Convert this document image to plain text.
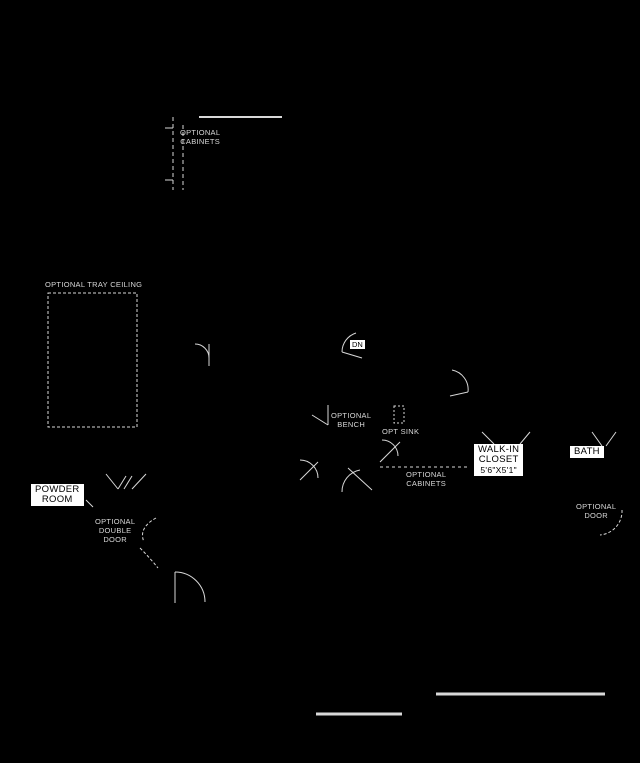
OPTIONAL
CABINETS
OPTIONAL TRAY CEILING
DN
OPTIONAL
BENCH
OPT SINK
OPTIONAL
CABINETS
WALK-IN
CLOSET
5'6"X5'1"
BATH
OPTIONAL
DOOR
POWDER
ROOM
OPTIONAL
DOUBLE
DOOR
